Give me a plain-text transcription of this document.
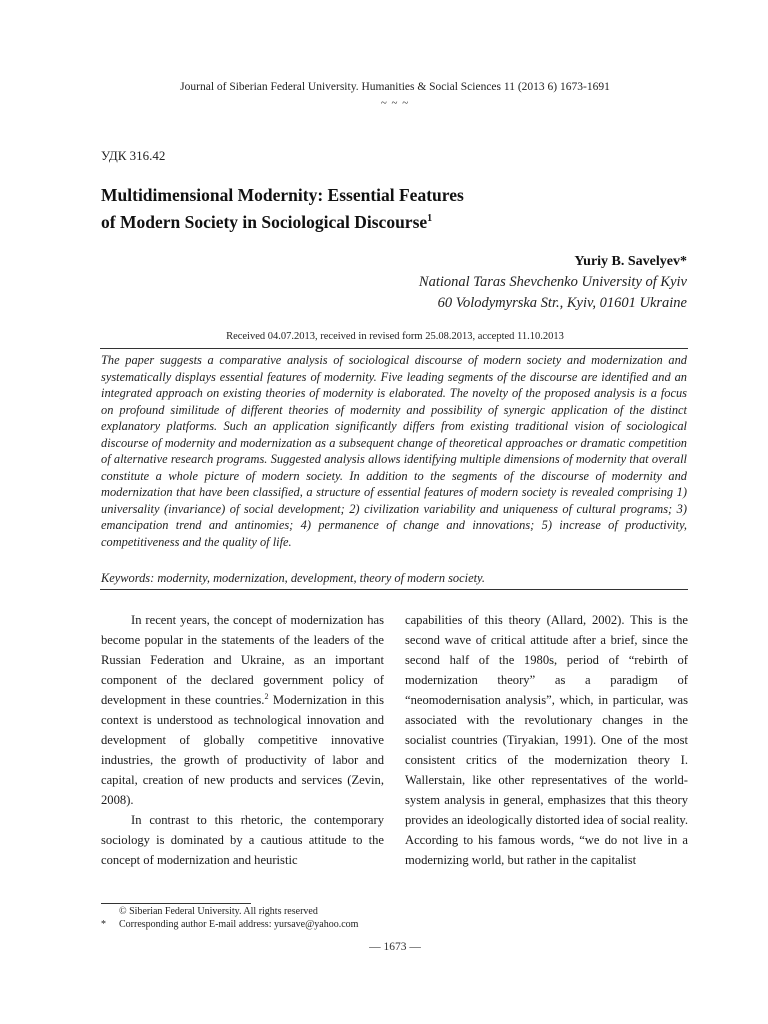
Journal of Siberian Federal University. Humanities & Social Sciences 11 (2013 6) 1673-1691
~ ~ ~
УДК 316.42
Multidimensional Modernity: Essential Features
of Modern Society in Sociological Discourse$^1$
Yuriy B. Savelyev*
National Taras Shevchenko University of Kyiv
60 Volodymyrska Str., Kyiv, 01601 Ukraine
Received 04.07.2013, received in revised form 25.08.2013, accepted 11.10.2013

The paper suggests a comparative analysis of sociological discourse of modern society and modernization and systematically displays essential features of modernity. Five leading segments of the discourse are identified and an integrated approach on existing theories of modernity is elaborated. The novelty of the proposed analysis is a focus on profound similitude of different theories of modernity and possibility of synergic application of the distinct explanatory platforms. Such an application significantly differs from existing traditional vision of sociological discourse of modernity and modernization as a subsequent change of theoretical approaches or dramatic competition of alternative research programs. Suggested analysis allows identifying multiple dimensions of modernity that overall constitute a whole picture of modern society. In addition to the segments of the discourse of modernity and modernization that have been classified, a structure of essential features of modern society is revealed comprising 1) universality (invariance) of social development; 2) civilization variability and uniqueness of cultural programs; 3) emancipation trend and antinomies; 4) permanence of change and innovations; 5) increase of productivity, competitiveness and the quality of life.

Keywords: modernity, modernization, development, theory of modern society.

In recent years, the concept of modernization has become popular in the statements of the leaders of the Russian Federation and Ukraine, as an important component of the declared government policy of development in these countries.$^2$ Modernization in this context is understood as technological innovation and development of globally competitive innovative industries, the growth of productivity of labor and capital, creation of new products and services (Zevin, 2008).

In contrast to this rhetoric, the contemporary sociology is dominated by a cautious attitude to the concept of modernization and heuristic

capabilities of this theory (Allard, 2002). This is the second wave of critical attitude after a brief, since the second half of the 1980s, period of “rebirth of modernization theory” as a paradigm of “neomodernisation analysis”, which, in particular, was associated with the revolutionary changes in the socialist countries (Tiryakian, 1991). One of the most consistent critics of the modernization theory I. Wallerstain, like other representatives of the world-system analysis in general, emphasizes that this theory provides an ideologically distorted idea of social reality. According to his famous words, “we do not live in a modernizing world, but rather in the capitalist

© Siberian Federal University. All rights reserved
*	Corresponding author E-mail address: yursave@yahoo.com
— 1673 —
